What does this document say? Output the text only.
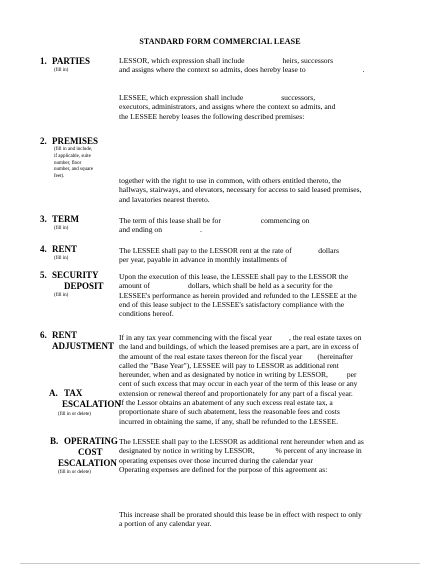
STANDARD FORM COMMERCIAL LEASE
1. PARTIES
(fill in)
LESSOR, which expression shall include                    heirs, successors
and assigns where the context so admits, does hereby lease to                              .

LESSEE, which expression shall include                    successors,
executors, administrators, and assigns where the context so admits, and
the LESSEE hereby leases the following described premises:
2. PREMISES
(fill in and include,
if applicable, suite
number, floor
number, and square
feet).	together with the right to use in common, with others entitled thereto, the
hallways, stairways, and elevators, necessary for access to said leased premises,
and lavatories nearest thereto.
3. TERM
(fill in)
The term of this lease shall be for                     commencing on
and ending on                    .
4. RENT
(fill in)
The LESSEE shall pay to the LESSOR rent at the rate of              dollars
per year, payable in advance in monthly installments of
5. SECURITY
DEPOSIT
(fill in)
Upon the execution of this lease, the LESSEE shall pay to the LESSOR the
amount of                    dollars, which shall be held as a security for the
LESSEE's performance as herein provided and refunded to the LESSEE at the
end of this lease subject to the LESSEE's satisfactory compliance with the
conditions hereof.
6. RENT
ADJUSTMENT
If in any tax year commencing with the fiscal year         , the real estate taxes on
the land and buildings, of which the leased premises are a part, are in excess of
the amount of the real estate taxes thereon for the fiscal year        (hereinafter
called the "Base Year"), LESSEE will pay to LESSOR as additional rent
hereunder, when and as designated by notice in writing by LESSOR,          per
cent of such excess that may occur in each year of the term of this lease or any
extension or renewal thereof and proportionately for any part of a fiscal year.
If the Lessor obtains an abatement of any such excess real estate tax, a
proportionate share of such abatement, less the reasonable fees and costs
incurred in obtaining the same, if any, shall be refunded to the LESSEE.
A. TAX
ESCALATION
(fill in or delete)
B. OPERATING
COST
ESCALATION
(fill in or delete)
The LESSEE shall pay to the LESSOR as additional rent hereunder when and as
designated by notice in writing by LESSOR,           % percent of any increase in
operating expenses over those incurred during the calendar year
Operating expenses are defined for the purpose of this agreement as:
This increase shall be prorated should this lease be in effect with respect to only
a portion of any calendar year.
